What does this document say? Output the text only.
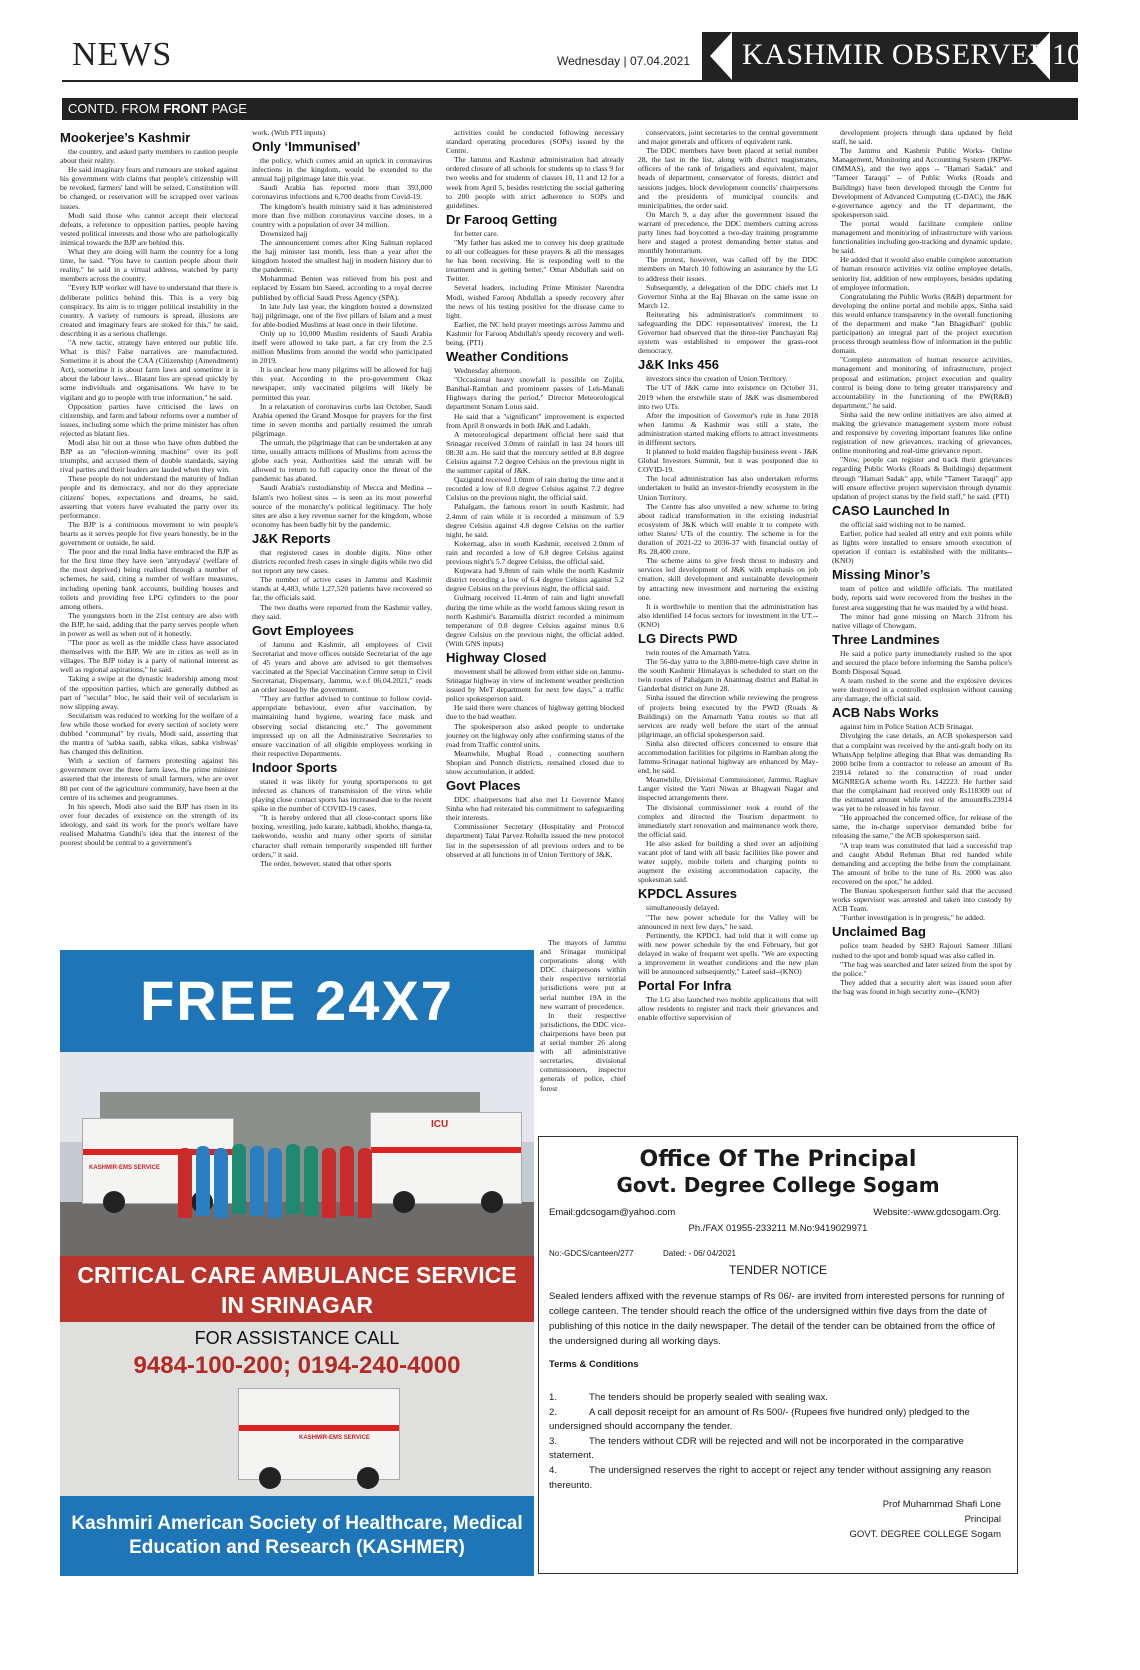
NEWS	Wednesday | 07.04.2021 KASHMIR OBSERVER 10
CONTD. FROM FRONT PAGE
Mookerjee’s Kashmir

the country, and asked party members to caution people about their reality.

He said imaginary fears and rumours are stoked against his government with claims that people's citizenship will be revoked, farmers' land will be seized, Constitution will be changed, or reservation will be scrapped over various issues.

Modi said those who cannot accept their electoral defeats, a reference to opposition parties, people having vested political interests and those who are pathologically inimical towards the BJP are behind this.

What they are doing will harm the country for a long time, he said. "You have to caution people about their reality," he said in a virtual address, watched by party members across the country.

"Every BJP worker will have to understand that there is deliberate politics behind this. This is a very big conspiracy. Its aim is to trigger political instability in the country. A variety of rumours is spread, illusions are created and imaginary fears are stoked for this," he said, describing it as a serious challenge.

"A new tactic, strategy have entered our public life. What is this? False narratives are manufactured. Sometime it is about the CAA (Citizenship (Amendment) Act), sometime it is about farm laws and sometime it is about the labour laws... Blatant lies are spread quickly by some individuals and organisations. We have to be vigilant and go to people with true information," he said.

Opposition parties have criticised the laws on citizenship, and farm and labour reforms over a number of issues, including some which the prime minister has often rejected as blatant lies.

Modi also hit out at those who have often dubbed the BJP as an "election-winning machine" over its poll triumphs, and accused them of double standards, saying rival parties and their leaders are lauded when they win.

These people do not understand the maturity of Indian people and its democracy, and nor do they appreciate citizens' hopes, expectations and dreams, he said, asserting that voters have evaluated the party over its performance.

The BJP is a continuous movement to win people's hearts as it serves people for five years honestly, be in the government or outside, he said.

The poor and the rural India have embraced the BJP as for the first time they have seen 'antyodaya' (welfare of the most deprived) being realised through a number of schemes, he said, citing a number of welfare measures, including opening bank accounts, building houses and toilets and providing free LPG cylinders to the poor among others.

The youngsters born in the 21st century are also with the BJP, he said, adding that the party serves people when in power as well as when out of it honestly.

"The poor as well as the middle class have associated themselves with the BJP. We are in cities as well as in villages. The BJP today is a party of national interest as well as regional aspirations," he said.

Taking a swipe at the dynastic leadership among most of the opposition parties, which are generally dubbed as part of "secular" bloc, he said their veil of secularism is now slipping away.

Secularism was reduced to working for the welfare of a few while those worked for every section of society were dubbed "communal" by rivals, Modi said, asserting that the mantra of 'sabka saath, sabka vikas, sabka vishwas' has changed this definition.

With a section of farmers protesting against his government over the three farm laws, the prime minister asserted that the interests of small farmers, who are over 80 per cent of the agriculture community, have been at the centre of its schemes and programmes.

In his speech, Modi also said the BJP has risen in its over four decades of existence on the strength of its ideology, and said its work for the poor's welfare have realised Mahatma Gandhi's idea that the interest of the poorest should be central to a government's

work. (With PTI inputs)

Only ‘Immunised’

the policy, which comes amid an uptick in coronavirus infections in the kingdom, would be extended to the annual hajj pilgrimage later this year.

Saudi Arabia has reported more than 393,000 coronavirus infections and 6,700 deaths from Covid-19.

The kingdom's health ministry said it has administered more than five million coronavirus vaccine doses, in a country with a population of over 34 million.

Downsized hajj

The announcement comes after King Salman replaced the hajj minister last month, less than a year after the kingdom hosted the smallest hajj in modern history due to the pandemic.

Mohammad Benten was relieved from his post and replaced by Essam bin Saeed, according to a royal decree published by official Saudi Press Agency (SPA).

In late July last year, the kingdom hosted a downsized hajj pilgrimage, one of the five pillars of Islam and a must for able-bodied Muslims at least once in their lifetime.

Only up to 10,000 Muslim residents of Saudi Arabia itself were allowed to take part, a far cry from the 2.5 million Muslims from around the world who participated in 2019.

It is unclear how many pilgrims will be allowed for hajj this year. According to the pro-government Okaz newspaper, only vaccinated pilgrims will likely be permitted this year.

In a relaxation of coronavirus curbs last October, Saudi Arabia opened the Grand Mosque for prayers for the first time in seven months and partially resumed the umrah pilgrimage.

The umrah, the pilgrimage that can be undertaken at any time, usually attracts millions of Muslims from across the globe each year. Authorities said the umrah will be allowed to return to full capacity once the threat of the pandemic has abated.

Saudi Arabia's custodianship of Mecca and Medina -- Islam's two holiest sites -- is seen as its most powerful source of the monarchy's political legitimacy. The holy sites are also a key revenue earner for the kingdom, whose economy has been badly hit by the pandemic.

J&K Reports

that registered cases in double digits. Nine other districts recorded fresh cases in single digits while two did not report any new cases.

The number of active cases in Jammu and Kashmir stands at 4,483, while 1,27,520 patients have recovered so far, the officials said.

The two deaths were reported from the Kashmir valley, they said.

Govt Employees

of Jammu and Kashmir, all employees of Civil Secretariat and move offices outside Secretariat of the age of 45 years and above are advised to get themselves vaccinated at the Special Vaccination Centre setup in Civil Secretariat, Dispensary, Jammu, w.e.f 06.04.2021," reads an order issued by the government.

"They are further advised to continue to follow covid-appropriate behaviour, even after vaccination, by maintaining hand hygiene, wearing face mask and observing social distancing etc." The government impressed up on all the Administrative Secretaries to ensure vaccination of all eligible employees working in their respective Departments.

Indoor Sports

stated it was likely for young sportspersons to get infected as chances of transmission of the virus while playing close contact sports has increased due to the recent spike in the number of COVID-19 cases.

"It is hereby ordered that all close-contact sports like boxing, wrestling, judo karate, kabbadi, khokho, thanga-ta, taekwondo, wushu and many other sports of similar character shall remain temporarily suspended till further orders," it said.

The order, however, stated that other sports

activities could be conducted following necessary standard operating procedures (SOPs) issued by the Centre.

The Jammu and Kashmir administration had already ordered closure of all schools for students up to class 9 for two weeks and for students of classes 10, 11 and 12 for a week from April 5, besides restricting the social gathering to 200 people with strict adherence to SOPs and guidelines.

Dr Farooq Getting

for better care.

"My father has asked me to convey his deep gratitude to all our colleagues for these prayers & all the messages he has been receiving. He is responding well to the treatment and is getting better," Omar Abdullah said on Twitter.

Several leaders, including Prime Minister Narendra Modi, wished Farooq Abdullah a speedy recovery after the news of his testing positive for the disease came to light.

Earlier, the NC held prayer meetings across Jammu and Kashmir for Farooq Abdullah's speedy recovery and well-being. (PTI)

Weather Conditions

Wednesday afternoon.

"Occasional heavy snowfall is possible on Zojila, Banihal-Ramban and prominent passes of Leh-Manali Highways during the period," Director Meteorological department Sonam Lotus said.

He said that a "significant" improvement is expected from April 8 onwards in both J&K and Ladakh.

A meteorological department official here said that Srinagar received 3.0mm of rainfall in last 24 hours till 08:30 a.m. He said that the mercury settled at 8.8 degree Celsius against 7.2 degree Celsius on the previous night in the summer capital of J&K.

Qazigund received 1.0mm of rain during the time and it recorded a low of 8.0 degree Celsius against 7.2 degree Celsius on the previous night, the official said.

Pahalgam, the famous resort in south Kashmir, had 2.4mm of rain while it is recorded a minimum of 5.9 degree Celsius against 4.8 degree Celsius on the earlier night, he said.

Kokernag, also in south Kashmir, received 2.0mm of rain and recorded a low of 6.8 degree Celsius against previous night's 5.7 degree Celsius, the official said.

Kupwara had 9.8mm of rain while the north Kashmir district recording a low of 6.4 degree Celsius against 5.2 degree Celsius on the previous night, the official said.

Gulmarg received 11.4mm of rain and light snowfall during the time while as the world famous skiing resort in north Kashmir's Baramulla district recorded a minimum temperature of 0.8 degree Celsius against minus 0.6 degree Celsius on the previous night, the official added. (With GNS inputs)

Highway Closed

movement shall be allowed from either side on Jammu-Srinagar highway in view of inclement weather prediction issued by MeT department for next few days," a traffic police spokesperson said.

He said there were chances of highway getting blocked due to the bad weather.

The spokesperson also asked people to undertake journey on the highway only after confirming status of the road from Traffic control units.

Meanwhile, Mughal Road , connecting southern Shopian and Ponnch districts, remained closed due to snow accumulation, it added.

Govt Places

DDC chairpersons had also met Lt Governor Manoj Sinha who had reiterated his commitment to safeguarding their interests.

Commissioner Secretary (Hospitality and Protocol department) Talat Parvez Rohella issued the new protocol list in the supersession of all previous orders and to be observed at all functions in of Union Territory of J&K.

conservators, joint secretaries to the central government and major generals and officers of equivalent rank.

The DDC members have been placed at serial number 28, the last in the list, along with district magistrates, officers of the rank of brigadiers and equivalent, major heads of department, conservator of forests, district and sessions judges, block development councils' chairpersons and the presidents of municipal councils and municipalities, the order said.

On March 9, a day after the government issued the warrant of precedence, the DDC members cutting across party lines had boycotted a two-day training programme here and staged a protest demanding better status and monthly honorarium.

The protest, however, was called off by the DDC members on March 10 following an assurance by the LG to address their issues.

Subsequently, a delegation of the DDC chiefs met Lt Governor Sinha at the Raj Bhavan on the same issue on March 12.

Reiterating his administration's commitment to safeguarding the DDC representatives' interest, the Lt Governor had observed that the three-tier Panchayati Raj system was established to empower the grass-root democracy.

J&K Inks 456

investors since the creation of Union Territory.

The UT of J&K came into existence on October 31, 2019 when the erstwhile state of J&K was dismembered into two UTs.

After the imposition of Governor's rule in June 2018 when Jammu & Kashmir was still a state, the administration started making efforts to attract investments in different sectors.

It planned to hold maiden flagship business event - J&K Global Investors Summit, but it was postponed due to COVID-19.

The local administration has also undertaken reforms undertaken to build an investor-friendly ecosystem in the Union Territory.

The Centre has also unveiled a new scheme to bring about radical transformation in the existing industrial ecosystem of J&K which will enable it to compete with other States/ UTs of the country. The scheme is for the duration of 2021-22 to 2036-37 with financial outlay of Rs. 28,400 crore.

The scheme aims to give fresh thrust to industry and services led development of J&K with emphasis on job creation, skill development and sustainable development by attracting new investment and nurturing the existing one.

It is worthwhile to mention that the administration has also identified 14 focus sectors for investment in the UT.--(KNO)

LG Directs PWD

twin routes of the Amarnath Yatra.

The 56-day yatra to the 3,880-metre-high cave shrine in the south Kashmir Himalayas is scheduled to start on the twin routes of Pahalgam in Anantnag district and Baltal in Ganderbal district on June 28.

Sinha issued the direction while reviewing the progress of projects being executed by the PWD (Roads & Buildings) on the Amarnath Yatra routes so that all services are ready well before the start of the annual pilgrimage, an official spokesperson said.

Sinha also directed officers concerned to ensure that accommodation facilities for pilgrims in Ramban along the Jammu-Srinagar national highway are enhanced by May-end, he said.

Meanwhile, Divisional Commissioner, Jammu, Raghav Langer visited the Yatri Niwas at Bhagwati Nagar and inspected arrangements there.

The divisional commissioner took a round of the complex and directed the Tourism department to immediately start renovation and maintenance work there, the official said.

He also asked for building a shed over an adjoining vacant plot of land with all basic facilities like power and water supply, mobile toilets and charging points to augment the existing accommodation capacity, the spokesman said.

KPDCL Assures

simultaneously delayed.

"The new power schedule for the Valley will be announced in next few days," he said.

Pertinently, the KPDCL had told that it will come up with new power schedule by the end February, but got delayed in wake of frequent wet spells. "We are expecting a improvement in weather conditions and the new plan will be announced subsequently," Lateef said--(KNO)

Portal For Infra

The LG also launched two mobile applications that will allow residents to register and track their grievances and enable effective supervision of

development projects through data updated by field staff, he said.

The Jammu and Kashmir Public Works- Online Management, Monitoring and Accounting System (JKPW-OMMAS), and the two apps -- "Hamari Sadak" and "Tameer Taraqqi" -- of Public Works (Roads and Buildings) have been developed through the Centre for Development of Advanced Computing (C-DAC), the J&K e-governance agency and the IT department, the spokesperson said.

The portal would facilitate complete online management and monitoring of infrastructure with various functionalities including geo-tracking and dynamic update, he said.

He added that it would also enable complete automation of human resource activities viz online employee details, seniority list, addition of new employees, besides updating of employee information.

Congratulating the Public Works (R&B) department for developing the online portal and mobile apps, Sinha said this would enhance transparency in the overall functioning of the department and make "Jan Bhagidhari" (public participation) an integral part of the project execution process through seamless flow of information in the public domain.

"Complete automation of human resource activities, management and monitoring of infrastructure, project proposal and estimation, project execution and quality control is being done to bring greater transparency and accountability in the functioning of the PW(R&B) department," he said.

Sinha said the new online initiatives are also aimed at making the grievance management system more robust and responsive by covering important features like online registration of new grievances, tracking of grievances, online monitoring and real-time grievance report.

"Now, people can register and track their grievances regarding Public Works (Roads & Buildings) department through "Hamari Sadak" app, while "Tameer Taraqqi" app will ensure effective project supervision through dynamic updation of project status by the field staff," he said. (PTI)

CASO Launched In

the official said wishing not to be named.

Earlier, police had sealed all entry and exit points while as lights were installed to ensure smooth execution of operation if contact is established with the militants--(KNO)

Missing Minor’s

team of police and wildlife officials. The mutilated body, reports said were recovered from the bushes in the forest area suggesting that he was mauled by a wild beast.

The minor had gone missing on March 31from his native village of Chowgam.

Three Landmines

He said a police party immediately rushed to the spot and secured the place before informing the Samba police's Bomb Disposal Squad.

A team rushed to the scene and the explosive devices were destroyed in a controlled explosion without causing any damage, the official said.

ACB Nabs Works

against him in Police Station ACB Srinagar.

Divulging the case details, an ACB spokesperson said that a complaint was received by the anti-graft body on its WhatsApp helpline alleging that Bhat was demanding Rs 2000 bribe from a contractor to release an amount of Rs 23914 related to the construction of road under MGNREGA scheme worth Rs. 142223. He further said that the complainant had received only Rs118309 out of the estimated amount while rest of the amountRs.23914 was yet to be released in his favour.

"He approached the concerned office, for release of the same, the in-charge supervisor demanded bribe for releasing the same," the ACB spokesperson said.

"A trap team was constituted that laid a successful trap and caught Abdul Rehman Bhat red handed while demanding and accepting the bribe from the complainant. The amount of bribe to the tune of Rs. 2000 was also recovered on the spot," he added.

The Bureau spokesperson further said that the accused works supervisor was arrested and taken into custody by ACB Team.

"Further investigation is in progress," he added.

Unclaimed Bag

police team headed by SHO Rajouri Sameer Jillani rushed to the spot and bomb squad was also called in.

"The bag was searched and later seized from the spot by the police."

They added that a security alert was issued soon after the bag was found in high security zone--(KNO)

The mayors of Jammu and Srinagar municipal corporations along with DDC chairpersons within their respective territorial jurisdictions were put at serial number 19A in the new warrant of precedence.

In their respective jurisdictions, the DDC vice-chairpersons have been put at serial number 26 along with all administrative secretaries, divisional commissioners, inspector generals of police, chief forest

FREE 24X7
KASHMIR-EMS SERVICE
ICU
CRITICAL CARE AMBULANCE SERVICE
IN SRINAGAR
FOR ASSISTANCE CALL
9484-100-200; 0194-240-4000
KASHMIR-EMS SERVICE
Kashmiri American Society of Healthcare, Medical
Education and Research (KASHMER)
Office Of The Principal
Govt. Degree College Sogam
Email:gdcsogam@yahoo.com	Website:-www.gdcsogam.Org.
Ph./FAX 01955-233211 M.No:9419029971
No:-GDCS/canteen/277	Dated: - 06/ 04/2021
TENDER NOTICE
Sealed lenders affixed with the revenue stamps of Rs 06/- are invited from interested persons for running of college canteen. The tender should reach the office of the undersigned within five days from the date of publishing of this notice in the daily newspaper. The detail of the tender can be obtained from the office of the undersigned during all working days.
Terms & Conditions
1.	The tenders should be properly sealed with sealing wax.
2.	A call deposit receipt for an amount of Rs 500/- (Rupees five hundred only) pledged to the undersigned should accompany the tender.
3.	The tenders without CDR will be rejected and will not be incorporated in the comparative statement.
4.	The undersigned reserves the right to accept or reject any tender without assigning any reason thereunto.
Prof Muhammad Shafi Lone
Principal
GOVT. DEGREE COLLEGE Sogam
